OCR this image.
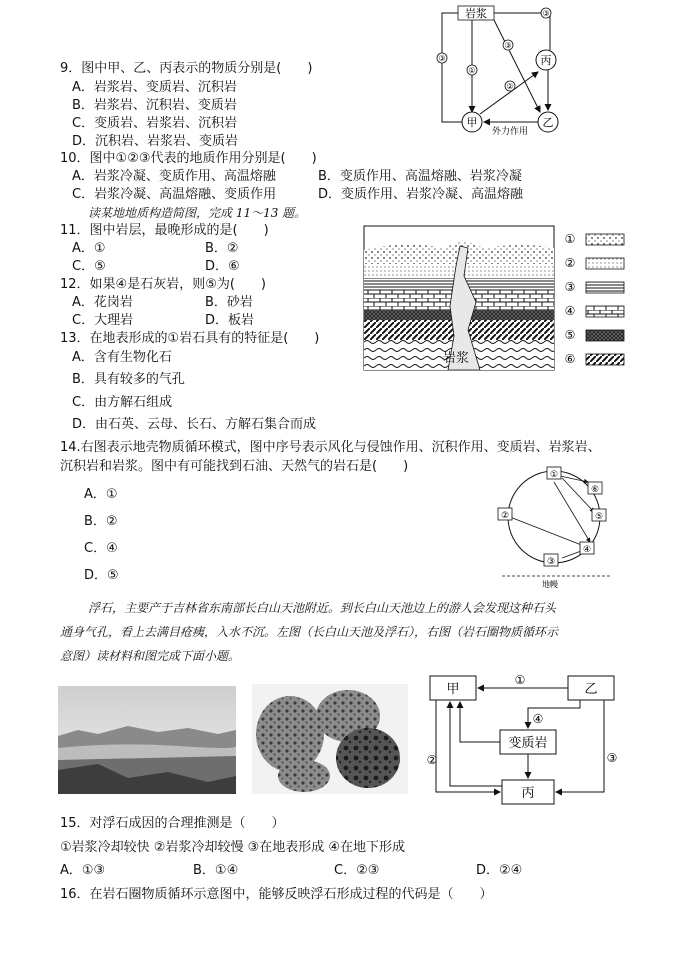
9．图中甲、乙、丙表示的物质分别是(　　)
A．岩浆岩、变质岩、沉积岩
B．岩浆岩、沉积岩、变质岩
C．变质岩、岩浆岩、沉积岩
D．沉积岩、岩浆岩、变质岩
10．图中①②③代表的地质作用分别是(　　)
A．岩浆冷凝、变质作用、高温熔融	B．变质作用、高温熔融、岩浆冷凝
C．岩浆冷凝、高温熔融、变质作用	D．变质作用、岩浆冷凝、高温熔融
读某地地质构造简图，完成 11～13 题。
11．图中岩层，最晚形成的是(　　)
A．①	B．②
C．⑤	D．⑥
12．如果④是石灰岩，则⑤为(　　)
A．花岗岩	B．砂岩
C．大理岩	D．板岩
13．在地表形成的①岩石具有的特征是(　　)
A．含有生物化石
B．具有较多的气孔
C．由方解石组成
D．由石英、云母、长石、方解石集合而成
14.右图表示地壳物质循环模式，图中序号表示风化与侵蚀作用、沉积作用、变质岩、岩浆岩、
沉积岩和岩浆。图中有可能找到石油、天然气的岩石是(　　)
A．①
B．②
C．④
D．⑤
浮石，主要产于吉林省东南部长白山天池附近。到长白山天池边上的游人会发现这种石头
通身气孔，看上去满目疮痍，入水不沉。左图（长白山天池及浮石），右图（岩石圈物质循环示
意图）读材料和图完成下面小题。
15．对浮石成因的合理推测是（　　）
①岩浆冷却较快 ②岩浆冷却较慢 ③在地表形成 ④在地下形成
A．①③	B．①④	C．②③	D．②④
16．在岩石圈物质循环示意图中，能够反映浮石形成过程的代码是（　　）
岩浆
③
③
①
③
②
丙
甲	乙
外力作用
岩浆
①
②
③
④
⑤
⑥
①
②
③
④
⑤
⑥
地幔
甲	乙
变质岩
丙
①
④
②	③
